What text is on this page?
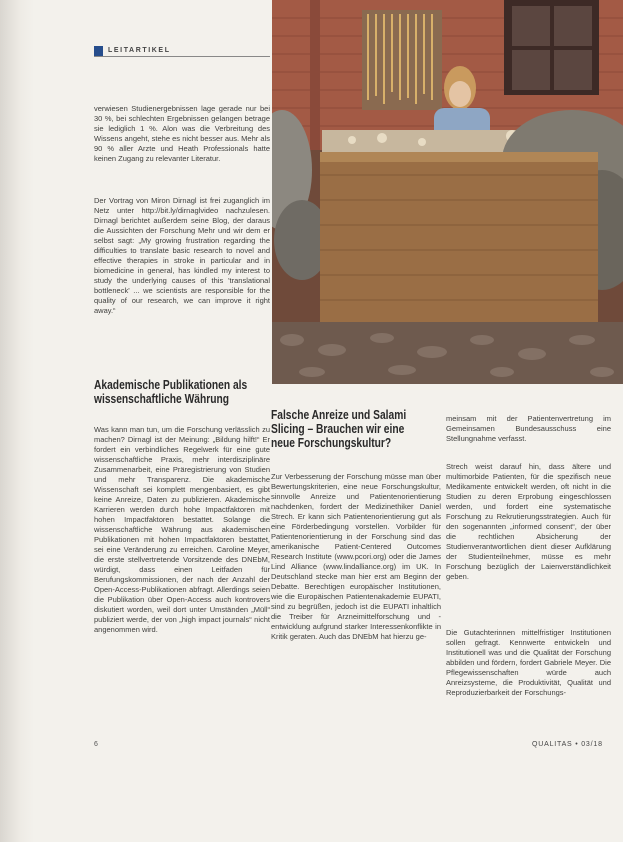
LEITARTIKEL

verwiesen Studienergebnissen lage gerade nur bei 30 %, bei schlechten Ergebnissen gelangen betrage sie lediglich 1 %. Alon was die Verbreitung des Wissens angeht, stehe es nicht besser aus. Mehr als 90 % aller Arzte und Heath Professionals hatte keinen Zugang zu relevanter Literatur.

Der Vortrag von Miron Dirnagl ist frei zuganglich im Netz unter http://bit.ly/dirnaglvideo nachzulesen. Dirnagl berichtet außerdem seine Blog, der daraus die Aussichten der Forschung Mehr und wir dem er selbst sagt: „My growing frustration regarding the difficulties to translate basic research to novel and effective therapies in stroke in particular and in biomedicine in general, has kindled my interest to study the underlying causes of this 'translational bottleneck' ... we scientists are responsible for the quality of our research, we can improve it right away.“

Akademische Publikationen als wissenschaftliche Währung

Was kann man tun, um die Forschung verlässlich zu machen? Dirnagl ist der Meinung: „Bildung hilft!“ Er fordert ein verbindliches Regelwerk für eine gute wissenschaftliche Praxis, mehr interdisziplinäre Zusammenarbeit, eine Präregistrierung von Studien und mehr Transparenz. Die akademische Wissenschaft sei komplett mengenbasiert, es gibt keine Anreize, Daten zu publizieren. Akademische Karrieren werden durch hohe Impactfaktoren mit hohen Impactfaktoren bestattet. Solange die wissenschaftliche Währung aus akademischen Publikationen mit hohen Impactfaktoren bestattet, sei eine Veränderung zu erreichen. Caroline Meyer, die erste stellvertretende Vorsitzende des DNEbM, würdigt, dass einen Leitfaden für Berufungskommissionen, der nach der Anzahl der Open-Access-Publikationen abfragt. Allerdings seien die Publikation über Open-Access auch kontrovers diskutiert worden, weil dort unter Umständen „Müll“ publiziert werde, der von „high impact journals“ nicht angenommen wird.

Falsche Anreize und Salami Slicing – Brauchen wir eine neue Forschungskultur?

Zur Verbesserung der Forschung müsse man über Bewertungskriterien, eine neue Forschungskultur, sinnvolle Anreize und Patientenorientierung nachdenken, fordert der Medizinethiker Daniel Strech. Er kann sich Patientenorientierung gut als eine Förderbedingung vorstellen. Vorbilder für Patientenorientierung in der Forschung sind das amerikanische Patient-Centered Outcomes Research Institute (www.pcori.org) oder die James Lind Alliance (www.lindalliance.org) im UK. In Deutschland stecke man hier erst am Beginn der Debatte. Berechtigen europäischer Institutionen, wie die Europäischen Patientenakademie EUPATI, sind zu begrüßen, jedoch ist die EUPATI inhaltlich die Treiber für Arzneimittelforschung und -entwicklung aufgrund starker Interessenkonflikte in Kritik geraten. Auch das DNEbM hat hierzu ge-

meinsam mit der Patientenvertretung im Gemeinsamen Bundesausschuss eine Stellungnahme verfasst.

Strech weist darauf hin, dass ältere und multimorbide Patienten, für die spezifisch neue Medikamente entwickelt werden, oft nicht in die Studien zu deren Erprobung eingeschlossen werden, und fordert eine systematische Forschung zu Rekrutierungsstrategien. Auch für den sogenannten „informed consent“, der über die rechtlichen Absicherung der Studienverantwortlichen dient dieser Aufklärung der Studienteilnehmer, müsse es mehr Forschung bezüglich der Laienverständlichkeit geben.

Die Gutachterinnen mittelfristiger Institutionen sollen gefragt. Kennwerte entwickeln und Institutionell was und die Qualität der Forschung abbilden und fördern, fordert Gabriele Meyer. Die Pflegewissenschaften würde auch Anreizsysteme, die Produktivität, Qualität und Reproduzierbarkeit der Forschungs-

6	QUALITAS • 03/18
